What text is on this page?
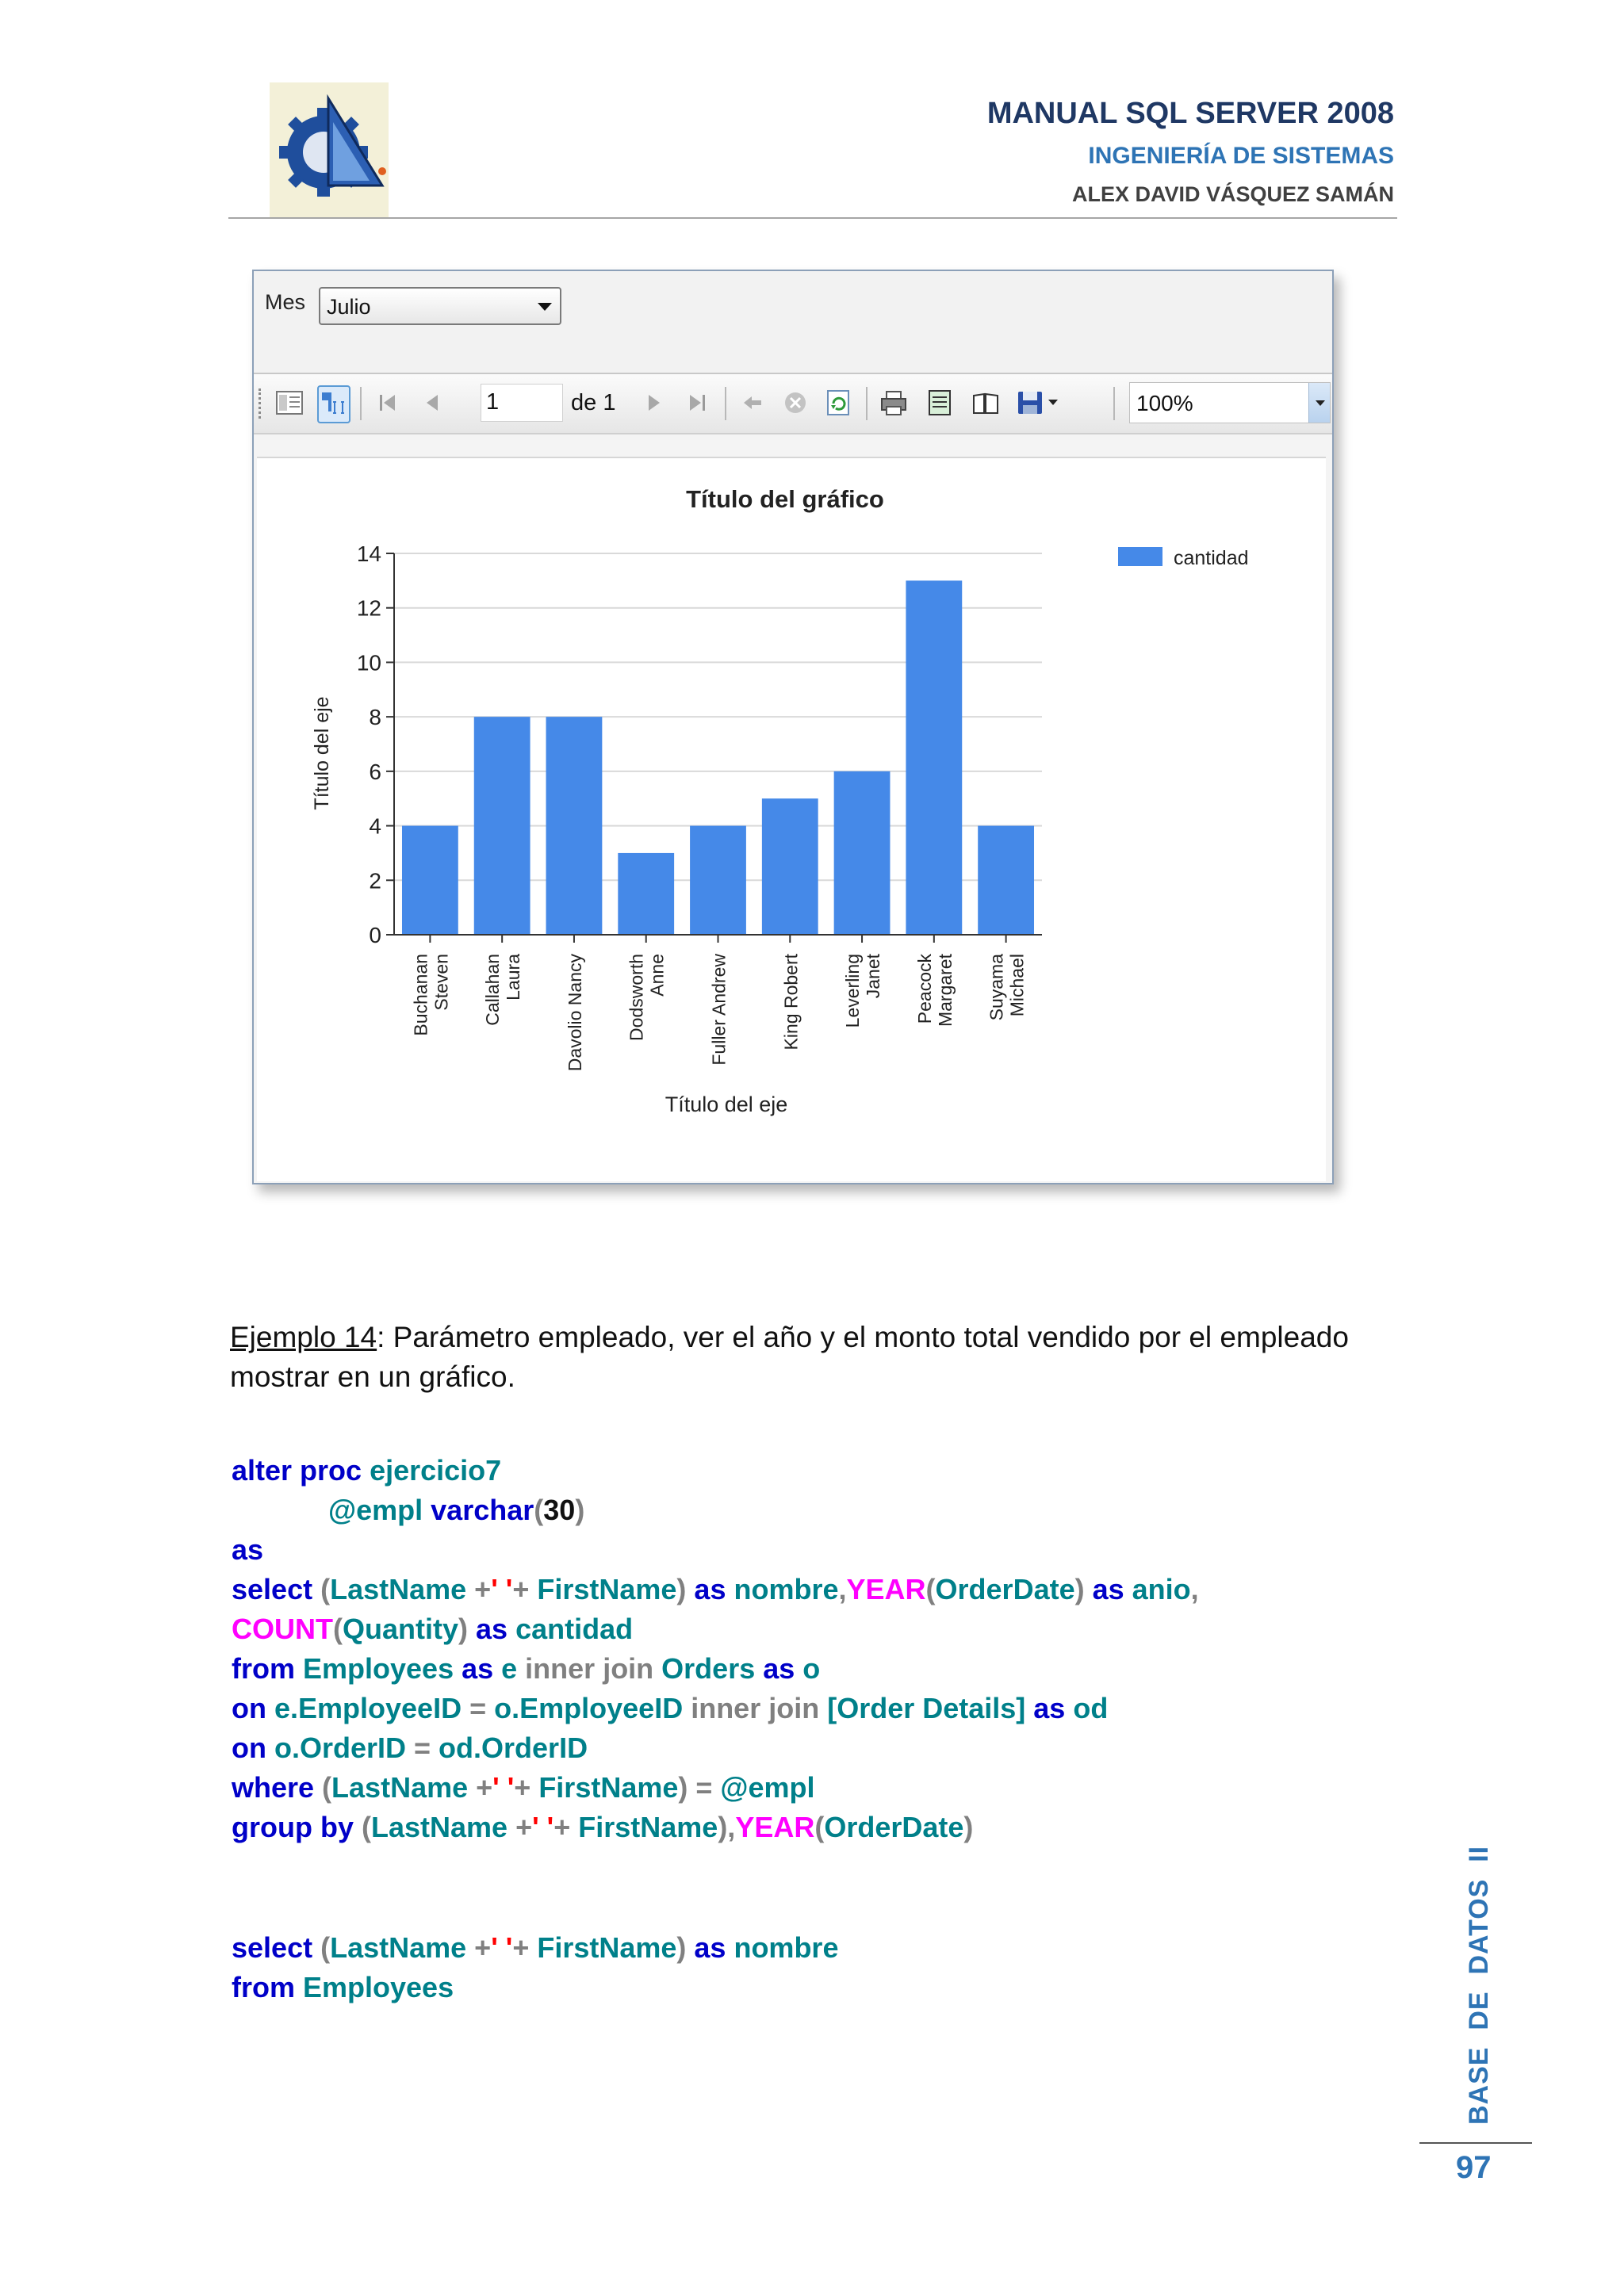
MANUAL SQL SERVER 2008
INGENIERÍA DE SISTEMAS
ALEX DAVID VÁSQUEZ SAMÁN
Mes Julio
1	de 1	100%
Título del gráfico
0
2
4
6
8
10
12
14
Buchanan Steven Callahan Laura Davolio Nancy Dodsworth Anne Fuller Andrew	King Robert Leverling Janet Peacock Margaret Suyama Michael
Título del eje
Título del eje
cantidad
Ejemplo 14: Parámetro empleado, ver el año y el monto total vendido por el empleado mostrar en un gráfico.
alter proc ejercicio7
@empl varchar(30)
as
select (LastName +' '+ FirstName) as nombre,YEAR(OrderDate) as anio,
COUNT(Quantity) as cantidad
from Employees as e inner join Orders as o
on e.EmployeeID = o.EmployeeID inner join [Order Details] as od
on o.OrderID = od.OrderID
where (LastName +' '+ FirstName) = @empl
group by (LastName +' '+ FirstName),YEAR(OrderDate)
select (LastName +' '+ FirstName) as nombre
from Employees	BASE  DE  DATOS  II
97
